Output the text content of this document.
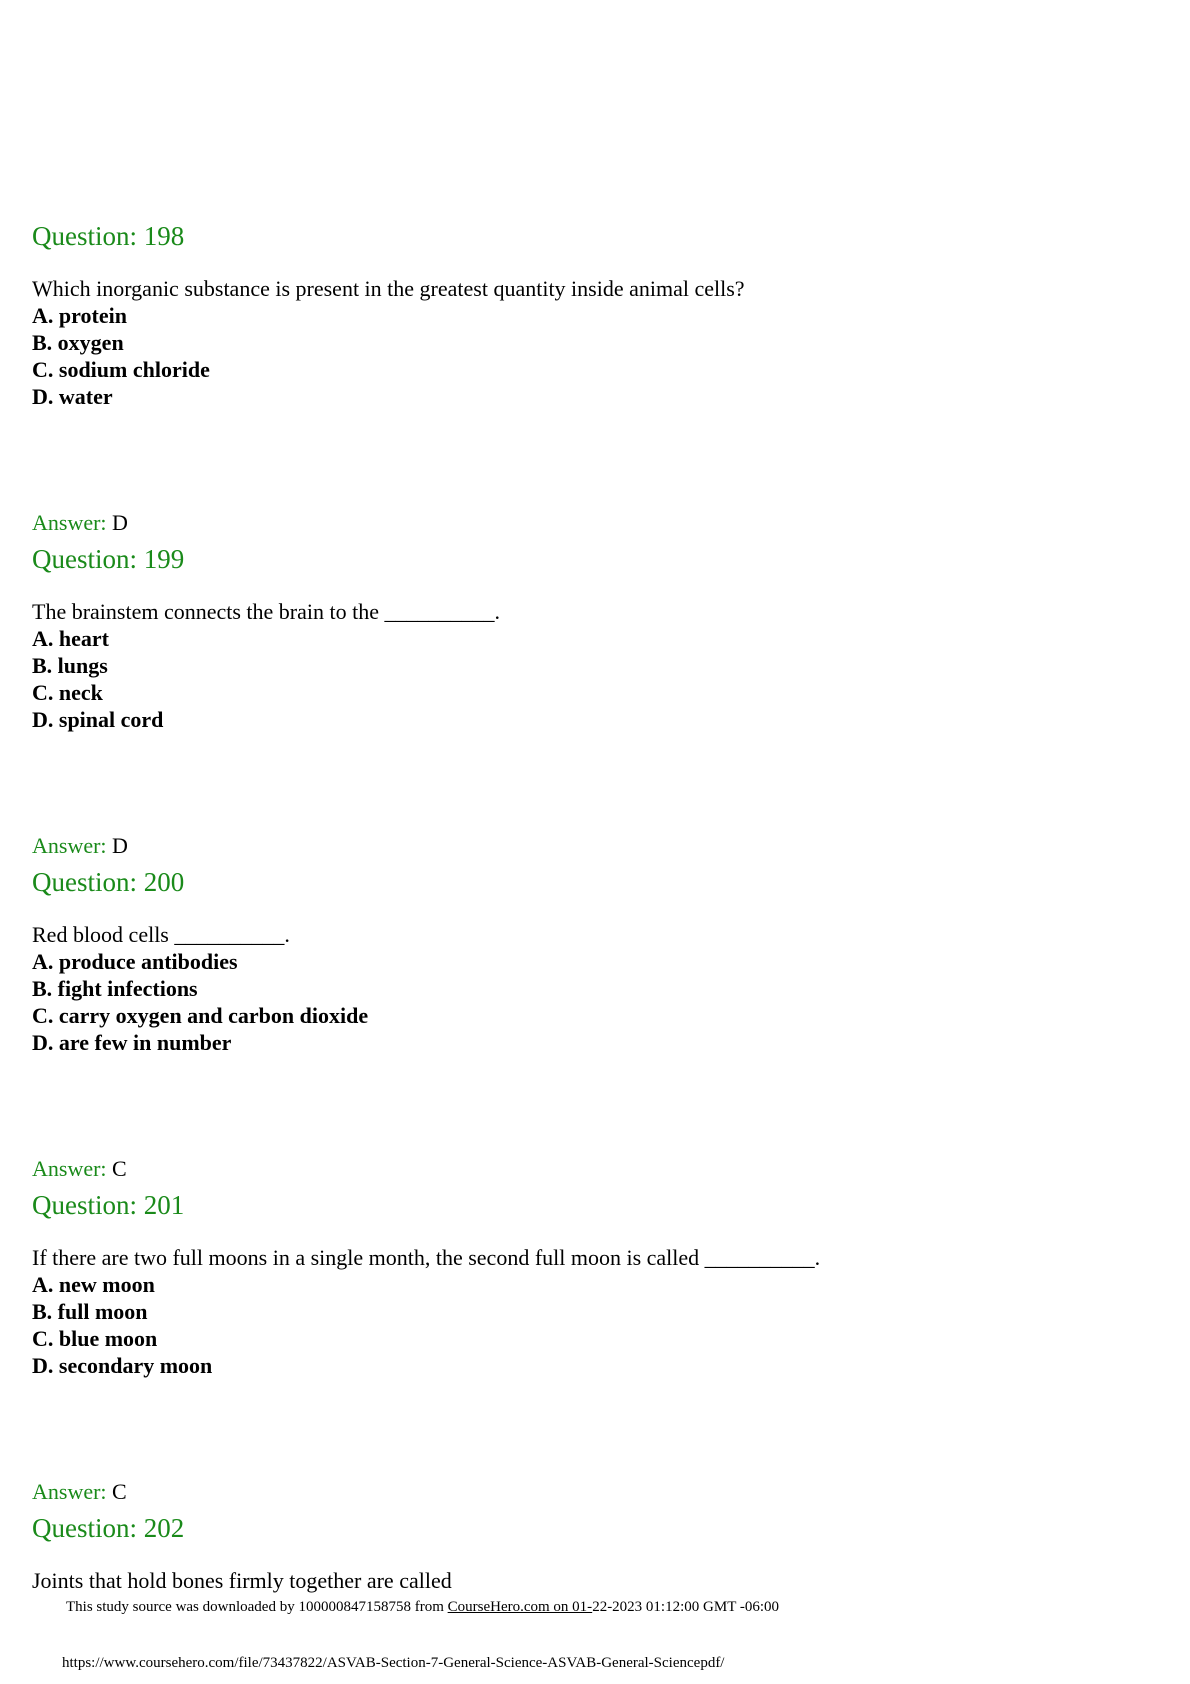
Question: 198
Which inorganic substance is present in the greatest quantity inside animal cells?
A. protein
B. oxygen
C. sodium chloride
D. water
Answer: D
Question: 199
The brainstem connects the brain to the __________.
A. heart
B. lungs
C. neck
D. spinal cord
Answer: D
Question: 200
Red blood cells __________.
A. produce antibodies
B. fight infections
C. carry oxygen and carbon dioxide
D. are few in number
Answer: C
Question: 201
If there are two full moons in a single month, the second full moon is called __________.
A. new moon
B. full moon
C. blue moon
D. secondary moon
Answer: C
Question: 202
Joints that hold bones firmly together are called
This study source was downloaded by 100000847158758 from CourseHero.com on 01-22-2023 01:12:00 GMT -06:00
https://www.coursehero.com/file/73437822/ASVAB-Section-7-General-Science-ASVAB-General-Sciencepdf/
